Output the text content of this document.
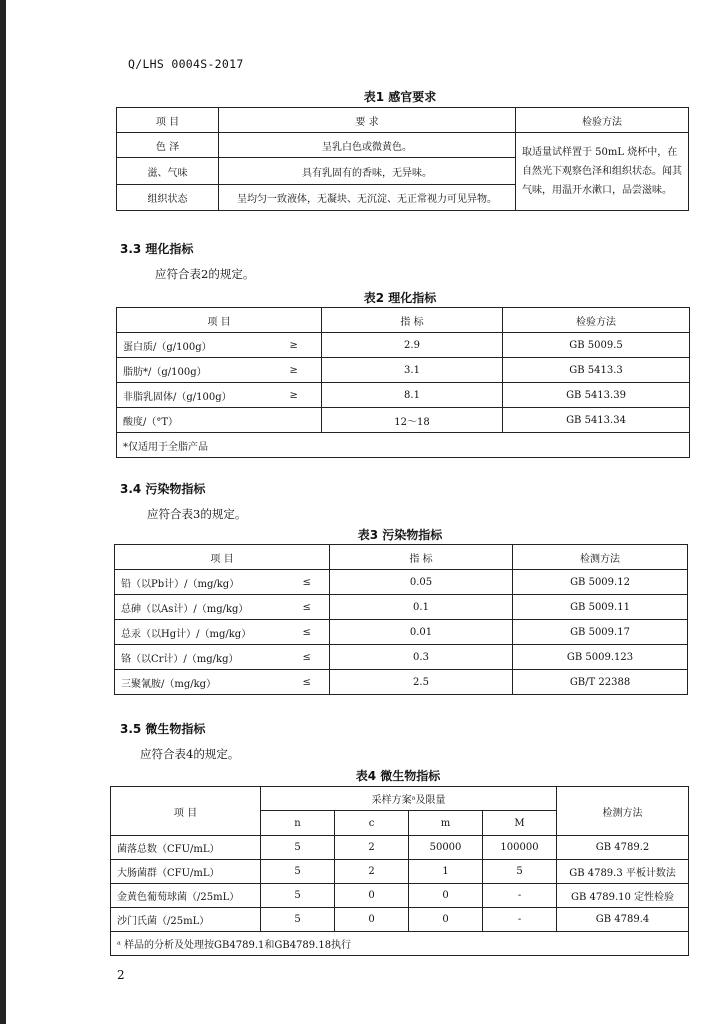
Q/LHS 0004S-2017
表1 感官要求
项 目	要 求	检验方法
色 泽	呈乳白色或微黄色。	取适量试样置于 50mL 烧杯中，在自然光下观察色泽和组织状态。闻其气味，用温开水漱口，品尝滋味。
滋、气味	具有乳固有的香味，无异味。	
组织状态	呈均匀一致液体，无凝块、无沉淀、无正常视力可见异物。	
3.3 理化指标
应符合表2的规定。
表2 理化指标
项 目		指 标	检验方法
蛋白质/（g/100g）	≥	2.9	GB 5009.5
脂肪*/（g/100g）	≥	3.1	GB 5413.3
非脂乳固体/（g/100g）	≥	8.1	GB 5413.39
酸度/（°T）		12～18	GB 5413.34
*仅适用于全脂产品			
3.4 污染物指标
应符合表3的规定。
表3 污染物指标
项 目		指 标	检测方法
铅（以Pb计）/（mg/kg）	≤	0.05	GB 5009.12
总砷（以As计）/（mg/kg）	≤	0.1	GB 5009.11
总汞（以Hg计）/（mg/kg）	≤	0.01	GB 5009.17
铬（以Cr计）/（mg/kg）	≤	0.3	GB 5009.123
三聚氰胺/（mg/kg）	≤	2.5	GB/T 22388
3.5 微生物指标
应符合表4的规定。
表4 微生物指标
项 目	采样方案ᵃ及限量				检测方法
	n	c	m	M	
菌落总数（CFU/mL）	5	2	50000	100000	GB 4789.2
大肠菌群（CFU/mL）	5	2	1	5	GB 4789.3 平板计数法
金黄色葡萄球菌（/25mL）	5	0	0	-	GB 4789.10 定性检验
沙门氏菌（/25mL）	5	0	0	-	GB 4789.4
ᵃ 样品的分析及处理按GB4789.1和GB4789.18执行					
2
